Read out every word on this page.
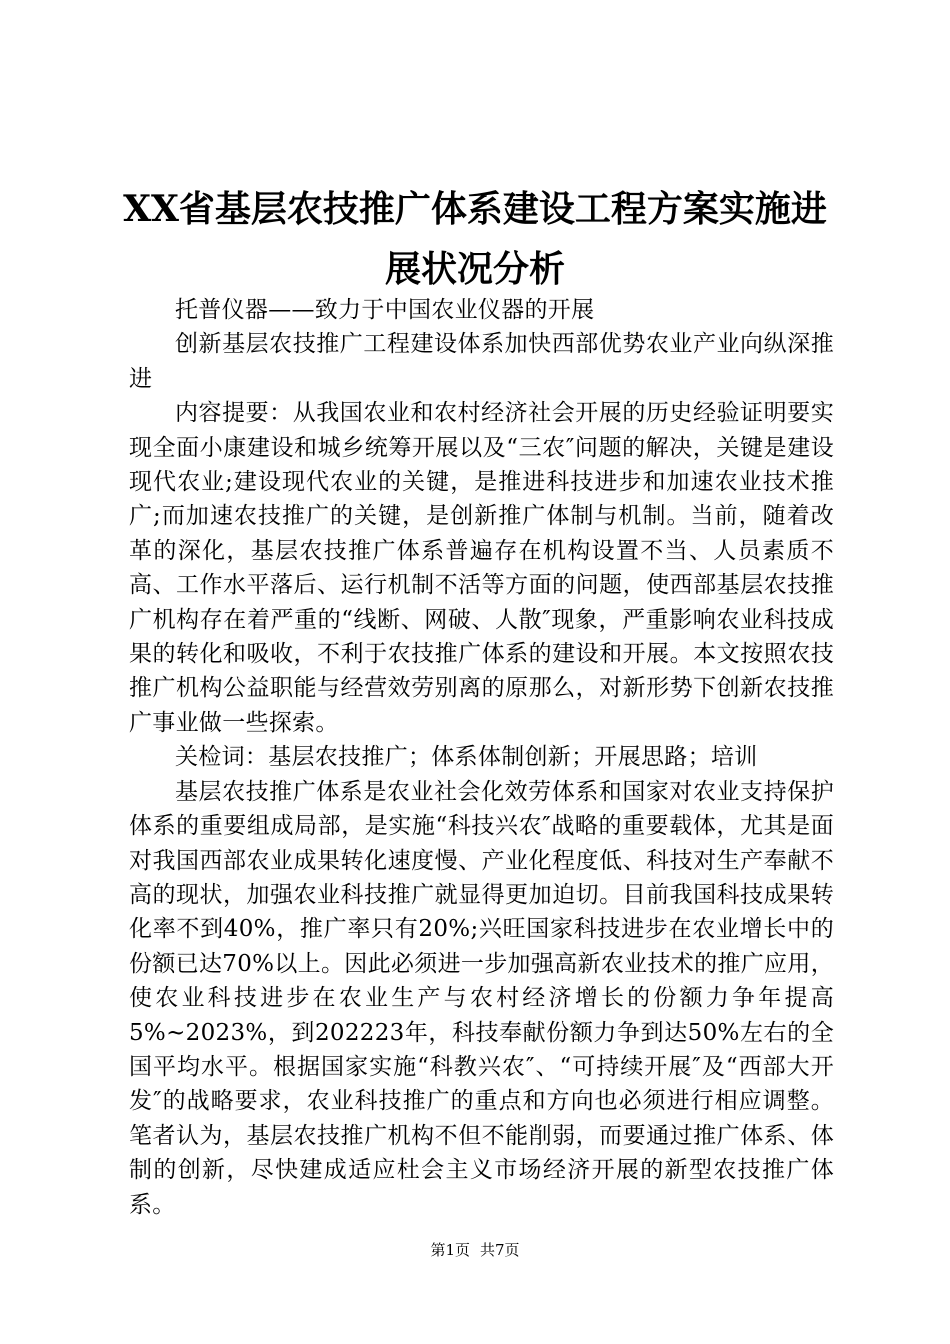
XX省基层农技推广体系建设工程方案实施进
展状况分析

托普仪器——致力于中国农业仪器的开展

创新基层农技推广工程建设体系加快西部优势农业产业向纵深推进

内容提要：从我国农业和农村经济社会开展的历史经验证明要实现全面小康建设和城乡统筹开展以及“三农″问题的解决，关键是建设现代农业;建设现代农业的关键，是推进科技进步和加速农业技术推广;而加速农技推广的关键，是创新推广体制与机制。当前，随着改革的深化，基层农技推广体系普遍存在机构设置不当、人员素质不高、工作水平落后、运行机制不活等方面的问题，使西部基层农技推广机构存在着严重的“线断、网破、人散″现象，严重影响农业科技成果的转化和吸收，不利于农技推广体系的建设和开展。本文按照农技推广机构公益职能与经营效劳别离的原那么，对新形势下创新农技推广事业做一些探索。

关检词：基层农技推广；体系体制创新；开展思路；培训

基层农技推广体系是农业社会化效劳体系和国家对农业支持保护体系的重要组成局部，是实施“科技兴农″战略的重要载体，尤其是面对我国西部农业成果转化速度慢、产业化程度低、科技对生产奉献不高的现状，加强农业科技推广就显得更加迫切。目前我国科技成果转化率不到40%，推广率只有20%;兴旺国家科技进步在农业增长中的份额已达70%以上。因此必须进一步加强高新农业技术的推广应用，使农业科技进步在农业生产与农村经济增长的份额力争年提高5%~2023%，到202223年，科技奉献份额力争到达50%左右的全国平均水平。根据国家实施“科教兴农″、“可持续开展″及“西部大开发″的战略要求，农业科技推广的重点和方向也必须进行相应调整。笔者认为，基层农技推广机构不但不能削弱，而要通过推广体系、体制的创新，尽快建成适应杜会主义市场经济开展的新型农技推广体系。

第1页 共7页
